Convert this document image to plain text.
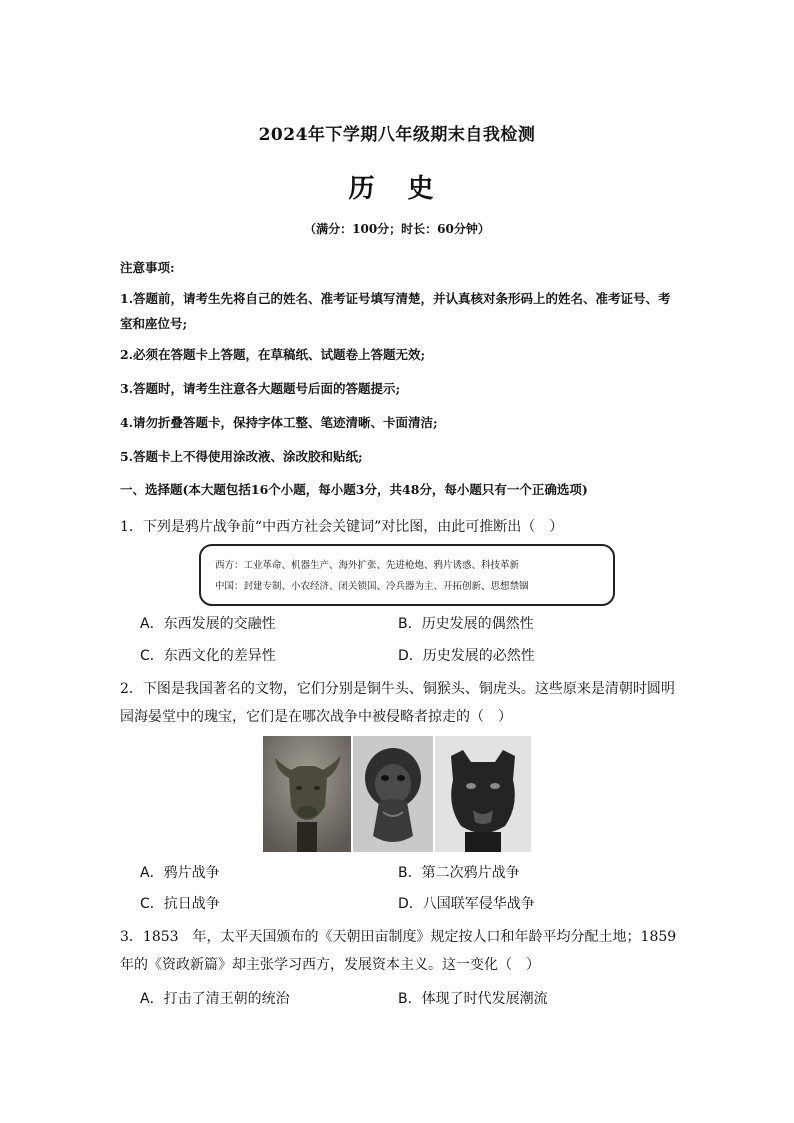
2024年下学期八年级期末自我检测
历 史
（满分：100分；时长：60分钟）
注意事项:
1.答题前，请考生先将自己的姓名、准考证号填写清楚，并认真核对条形码上的姓名、准考证号、考室和座位号;
2.必须在答题卡上答题，在草稿纸、试题卷上答题无效;
3.答题时，请考生注意各大题题号后面的答题提示;
4.请勿折叠答题卡，保持字体工整、笔迹清晰、卡面清洁;
5.答题卡上不得使用涂改液、涂改胶和贴纸;
一、选择题(本大题包括16个小题，每小题3分，共48分，每小题只有一个正确选项)
1．下列是鸦片战争前“中西方社会关键词”对比图，由此可推断出（　）
西方：工业革命、机器生产、海外扩张、先进枪炮、鸦片诱惑、科技革新
中国：封建专制、小农经济、闭关锁国、冷兵器为主、开拓创新、思想禁锢
A．东西发展的交融性	B．历史发展的偶然性
C．东西文化的差异性	D．历史发展的必然性
2．下图是我国著名的文物，它们分别是铜牛头、铜猴头、铜虎头。这些原来是清朝时圆明园海晏堂中的瑰宝，它们是在哪次战争中被侵略者掠走的（　）
A．鸦片战争	B．第二次鸦片战争
C．抗日战争	D．八国联军侵华战争
3．1853　年，太平天国颁布的《天朝田亩制度》规定按人口和年龄平均分配土地；1859年的《资政新篇》却主张学习西方，发展资本主义。这一变化（　）
A．打击了清王朝的统治	B．体现了时代发展潮流
